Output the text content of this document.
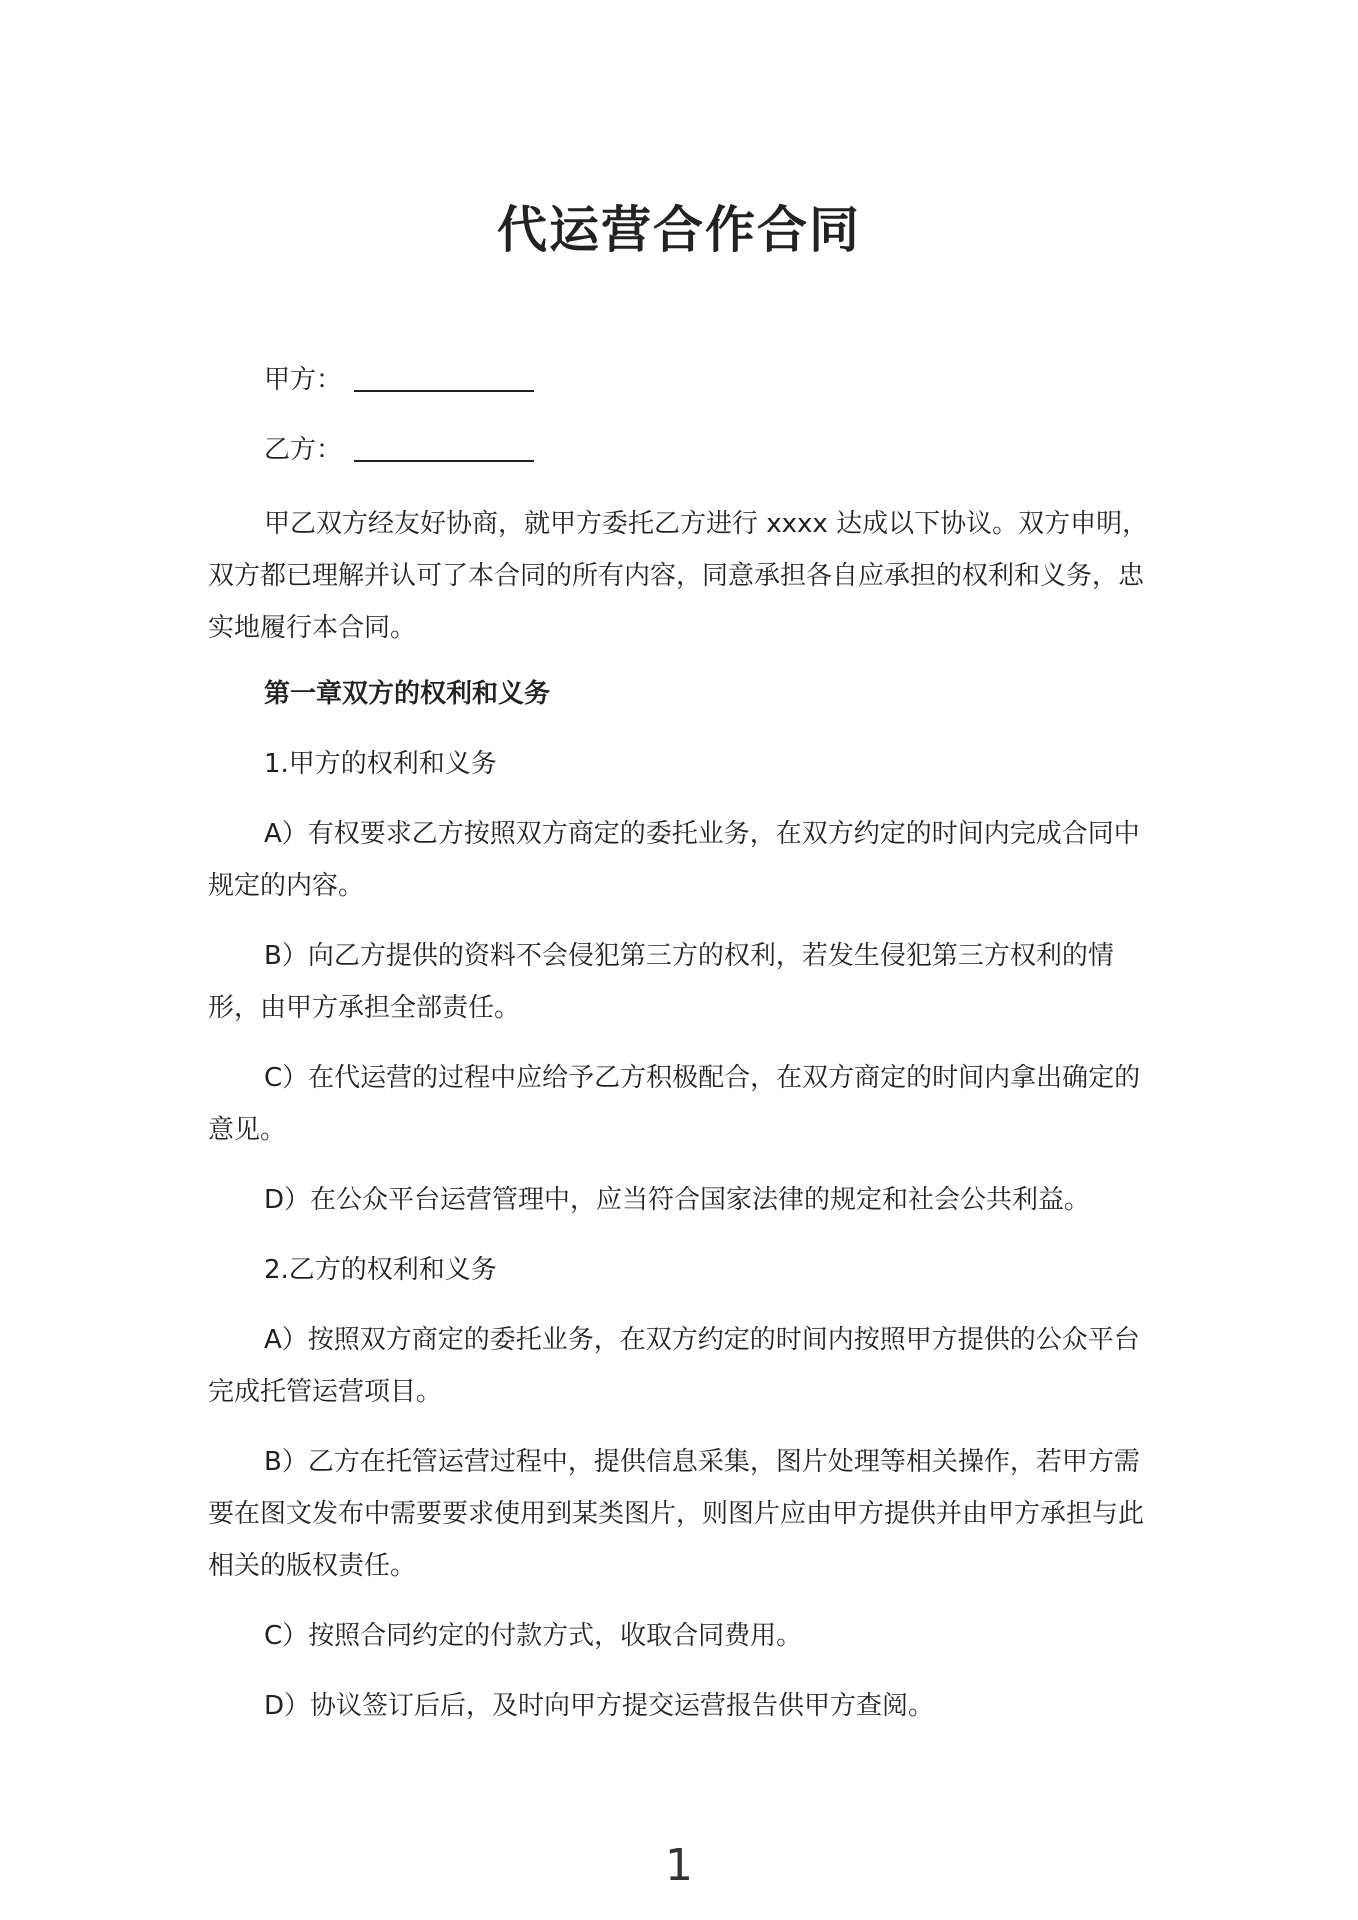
代运营合作合同
甲方：
乙方：
甲乙双方经友好协商，就甲方委托乙方进行 xxxx 达成以下协议。双方申明，双方都已理解并认可了本合同的所有内容，同意承担各自应承担的权利和义务，忠实地履行本合同。
第一章双方的权利和义务
1.甲方的权利和义务
A）有权要求乙方按照双方商定的委托业务，在双方约定的时间内完成合同中规定的内容。
B）向乙方提供的资料不会侵犯第三方的权利，若发生侵犯第三方权利的情形，由甲方承担全部责任。
C）在代运营的过程中应给予乙方积极配合，在双方商定的时间内拿出确定的意见。
D）在公众平台运营管理中，应当符合国家法律的规定和社会公共利益。
2.乙方的权利和义务
A）按照双方商定的委托业务，在双方约定的时间内按照甲方提供的公众平台完成托管运营项目。
B）乙方在托管运营过程中，提供信息采集，图片处理等相关操作，若甲方需要在图文发布中需要要求使用到某类图片，则图片应由甲方提供并由甲方承担与此相关的版权责任。
C）按照合同约定的付款方式，收取合同费用。
D）协议签订后后，及时向甲方提交运营报告供甲方查阅。
1
